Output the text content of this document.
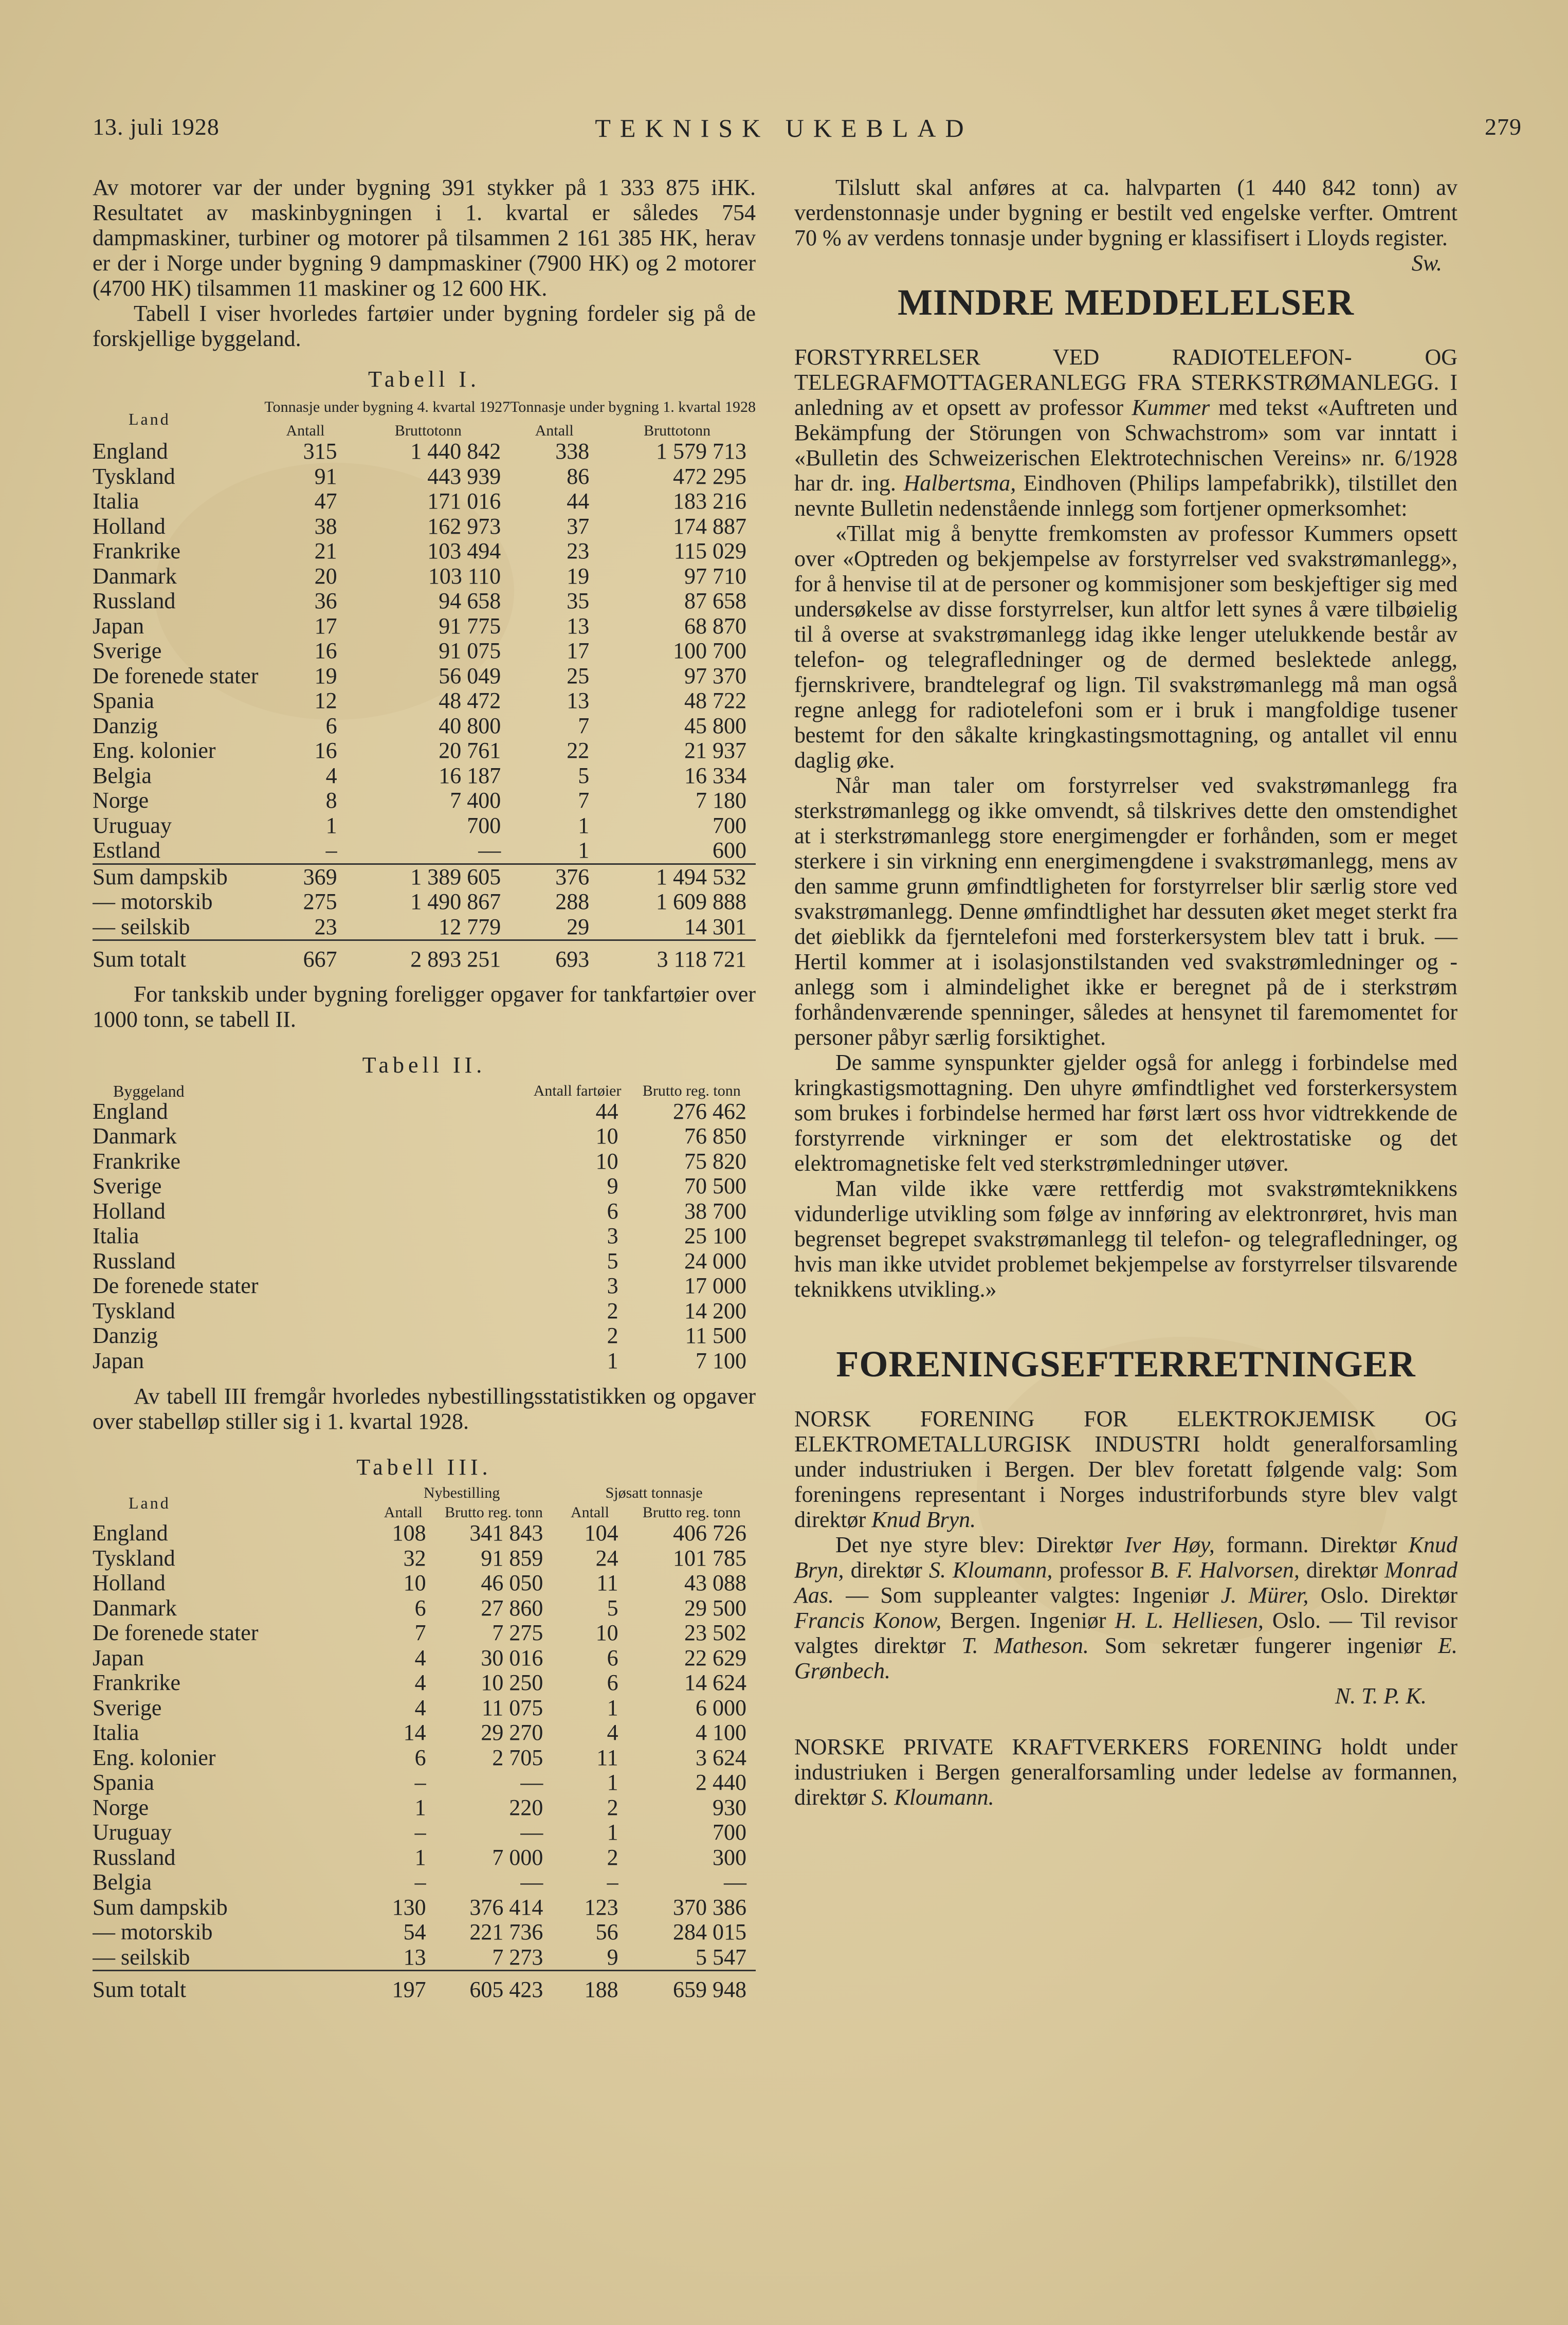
13. juli 1928	TEKNISK UKEBLAD	279

Av motorer var der under bygning 391 stykker på 1 333 875 iHK. Resultatet av maskinbygningen i 1. kvartal er således 754 dampmaskiner, turbiner og motorer på tilsammen 2 161 385 HK, herav er der i Norge under bygning 9 dampmaskiner (7900 HK) og 2 motorer (4700 HK) tilsammen 11 maskiner og 12 600 HK.

Tabell I viser hvorledes fartøier under bygning fordeler sig på de forskjellige byggeland.

Tabell I.

Land	Tonnasje under bygning 4. kvartal 1927		Tonnasje under bygning 1. kvartal 1928	
	Antall	Bruttotonn	Antall	Bruttotonn
England	315	1 440 842	338	1 579 713
Tyskland	91	443 939	86	472 295
Italia	47	171 016	44	183 216
Holland	38	162 973	37	174 887
Frankrike	21	103 494	23	115 029
Danmark	20	103 110	19	97 710
Russland	36	94 658	35	87 658
Japan	17	91 775	13	68 870
Sverige	16	91 075	17	100 700
De forenede stater	19	56 049	25	97 370
Spania	12	48 472	13	48 722
Danzig	6	40 800	7	45 800
Eng. kolonier	16	20 761	22	21 937
Belgia	4	16 187	5	16 334
Norge	8	7 400	7	7 180
Uruguay	1	700	1	700
Estland	–	—	1	600
Sum dampskib	369	1 389 605	376	1 494 532
— motorskib	275	1 490 867	288	1 609 888
— seilskib	23	12 779	29	14 301
Sum totalt	667	2 893 251	693	3 118 721

For tankskib under bygning foreligger opgaver for tankfartøier over 1000 tonn, se tabell II.

Tabell II.

Byggeland	Antall fartøier	Brutto reg. tonn
England	44	276 462
Danmark	10	76 850
Frankrike	10	75 820
Sverige	9	70 500
Holland	6	38 700
Italia	3	25 100
Russland	5	24 000
De forenede stater	3	17 000
Tyskland	2	14 200
Danzig	2	11 500
Japan	1	7 100

Av tabell III fremgår hvorledes nybestillingsstatistikken og opgaver over stabelløp stiller sig i 1. kvartal 1928.

Tabell III.

Land	Nybestilling		Sjøsatt tonnasje	
	Antall	Brutto reg. tonn	Antall	Brutto reg. tonn
England	108	341 843	104	406 726
Tyskland	32	91 859	24	101 785
Holland	10	46 050	11	43 088
Danmark	6	27 860	5	29 500
De forenede stater	7	7 275	10	23 502
Japan	4	30 016	6	22 629
Frankrike	4	10 250	6	14 624
Sverige	4	11 075	1	6 000
Italia	14	29 270	4	4 100
Eng. kolonier	6	2 705	11	3 624
Spania	–	—	1	2 440
Norge	1	220	2	930
Uruguay	–	—	1	700
Russland	1	7 000	2	300
Belgia	–	—	–	—
Sum dampskib	130	376 414	123	370 386
— motorskib	54	221 736	56	284 015
— seilskib	13	7 273	9	5 547
Sum totalt	197	605 423	188	659 948

Tilslutt skal anføres at ca. halvparten (1 440 842 tonn) av verdenstonnasje under bygning er bestilt ved engelske verfter. Omtrent 70 % av verdens tonnasje under bygning er klassifisert i Lloyds register.
Sw.

MINDRE MEDDELELSER

FORSTYRRELSER VED RADIOTELEFON- OG TELEGRAFMOTTAGERANLEGG FRA STERKSTRØMANLEGG. I anledning av et opsett av professor Kummer med tekst «Auftreten und Bekämpfung der Störungen von Schwachstrom» som var inntatt i «Bulletin des Schweizerischen Elektrotechnischen Vereins» nr. 6/1928 har dr. ing. Halbertsma, Eindhoven (Philips lampefabrikk), tilstillet den nevnte Bulletin nedenstående innlegg som fortjener opmerksomhet:

«Tillat mig å benytte fremkomsten av professor Kummers opsett over «Optreden og bekjempelse av forstyrrelser ved svakstrømanlegg», for å henvise til at de personer og kommisjoner som beskjeftiger sig med undersøkelse av disse forstyrrelser, kun altfor lett synes å være tilbøielig til å overse at svakstrømanlegg idag ikke lenger utelukkende består av telefon- og telegrafledninger og de dermed beslektede anlegg, fjernskrivere, brandtelegraf og lign. Til svakstrømanlegg må man også regne anlegg for radiotelefoni som er i bruk i mangfoldige tusener bestemt for den såkalte kringkastingsmottagning, og antallet vil ennu daglig øke.

Når man taler om forstyrrelser ved svakstrømanlegg fra sterkstrømanlegg og ikke omvendt, så tilskrives dette den omstendighet at i sterkstrømanlegg store energimengder er forhånden, som er meget sterkere i sin virkning enn energimengdene i svakstrømanlegg, mens av den samme grunn ømfindtligheten for forstyrrelser blir særlig store ved svakstrømanlegg. Denne ømfindtlighet har dessuten øket meget sterkt fra det øieblikk da fjerntelefoni med forsterkersystem blev tatt i bruk. — Hertil kommer at i isolasjonstilstanden ved svakstrømledninger og -anlegg som i almindelighet ikke er beregnet på de i sterkstrøm forhåndenværende spenninger, således at hensynet til faremomentet for personer påbyr særlig forsiktighet.

De samme synspunkter gjelder også for anlegg i forbindelse med kringkastigsmottagning. Den uhyre ømfindtlighet ved forsterkersystem som brukes i forbindelse hermed har først lært oss hvor vidtrekkende de forstyrrende virkninger er som det elektrostatiske og det elektromagnetiske felt ved sterkstrømledninger utøver.

Man vilde ikke være rettferdig mot svakstrømteknikkens vidunderlige utvikling som følge av innføring av elektronrøret, hvis man begrenset begrepet svakstrømanlegg til telefon- og telegrafledninger, og hvis man ikke utvidet problemet bekjempelse av forstyrrelser tilsvarende teknikkens utvikling.»

FORENINGSEFTERRETNINGER

NORSK FORENING FOR ELEKTROKJEMISK OG ELEKTROMETALLURGISK INDUSTRI holdt generalforsamling under industriuken i Bergen. Der blev foretatt følgende valg: Som foreningens representant i Norges industriforbunds styre blev valgt direktør Knud Bryn.

Det nye styre blev: Direktør Iver Høy, formann. Direktør Knud Bryn, direktør S. Kloumann, professor B. F. Halvorsen, direktør Monrad Aas. — Som suppleanter valgtes: Ingeniør J. Mürer, Oslo. Direktør Francis Konow, Bergen. Ingeniør H. L. Helliesen, Oslo. — Til revisor valgtes direktør T. Matheson. Som sekretær fungerer ingeniør E. Grønbech.

N. T. P. K.

NORSKE PRIVATE KRAFTVERKERS FORENING holdt under industriuken i Bergen generalforsamling under ledelse av formannen, direktør S. Kloumann.
